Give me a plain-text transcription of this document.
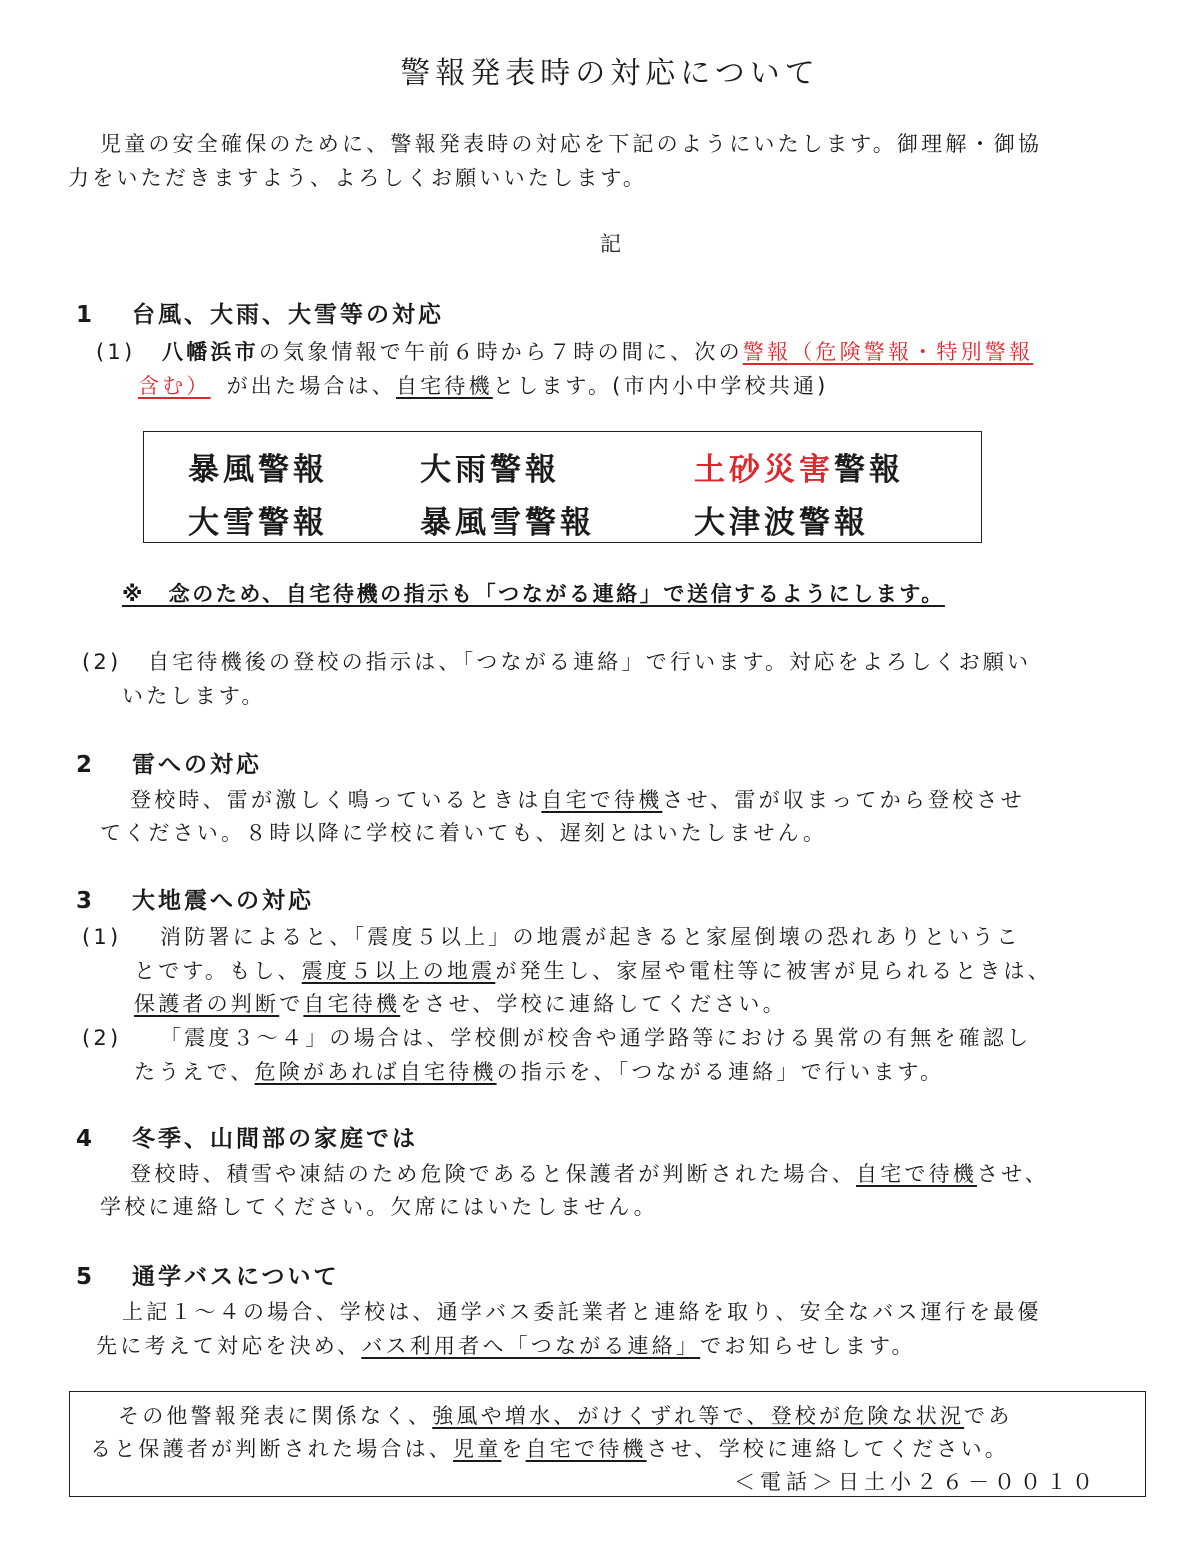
警報発表時の対応について
児童の安全確保のために、警報発表時の対応を下記のようにいたします。御理解・御協
力をいただきますよう、よろしくお願いいたします。
記
1 台風、大雨、大雪等の対応
(1) 八幡浜市の気象情報で午前６時から７時の間に、次の警報（危険警報・特別警報
含む） が出た場合は、自宅待機とします。(市内小中学校共通)
暴風警報	大雨警報	土砂災害警報
大雪警報	暴風雪警報	大津波警報
※　念のため、自宅待機の指示も「つながる連絡」で送信するようにします。
(2) 自宅待機後の登校の指示は、「つながる連絡」で行います。対応をよろしくお願い
いたします。
2 雷への対応
登校時、雷が激しく鳴っているときは自宅で待機させ、雷が収まってから登校させ
てください。８時以降に学校に着いても、遅刻とはいたしません。
3 大地震への対応
(1) 消防署によると、「震度５以上」の地震が起きると家屋倒壊の恐れありというこ
とです。もし、震度５以上の地震が発生し、家屋や電柱等に被害が見られるときは、
保護者の判断で自宅待機をさせ、学校に連絡してください。
(2) 「震度３～４」の場合は、学校側が校舎や通学路等における異常の有無を確認し
たうえで、危険があれば自宅待機の指示を、「つながる連絡」で行います。
4 冬季、山間部の家庭では
登校時、積雪や凍結のため危険であると保護者が判断された場合、自宅で待機させ、
学校に連絡してください。欠席にはいたしません。
5 通学バスについて
上記１～４の場合、学校は、通学バス委託業者と連絡を取り、安全なバス運行を最優
先に考えて対応を決め、バス利用者へ「つながる連絡」でお知らせします。
その他警報発表に関係なく、強風や増水、がけくずれ等で、登校が危険な状況であ
ると保護者が判断された場合は、児童を自宅で待機させ、学校に連絡してください。
＜電話＞日土小２６－００１０
